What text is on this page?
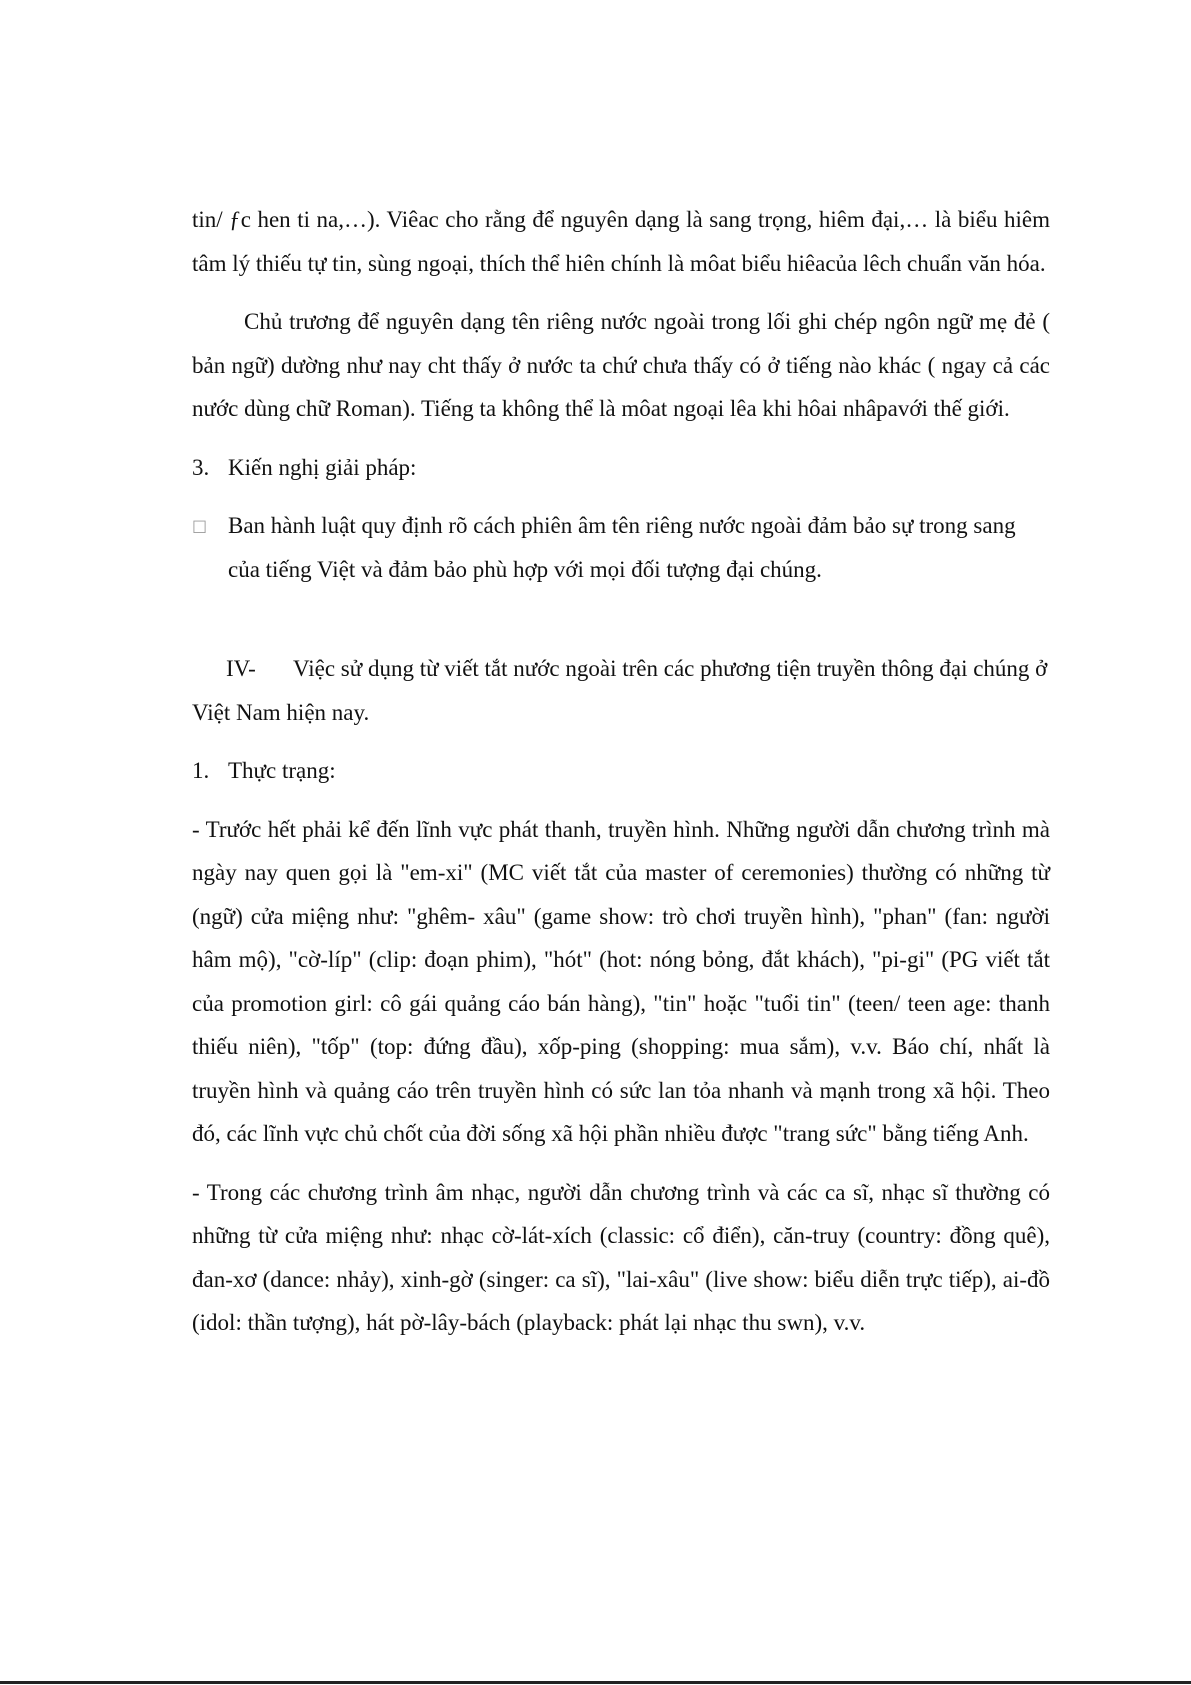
tin/ ƒc hen ti na,…). Viêac cho rằng để nguyên dạng là sang trọng, hiêm đại,… là biểu hiêm tâm lý thiếu tự tin, sùng ngoại, thích thể hiên chính là môat biểu hiêacủa lêch chuẩn văn hóa.

Chủ trương để nguyên dạng tên riêng nước ngoài trong lối ghi chép ngôn ngữ mẹ đẻ ( bản ngữ) dường như nay cht thấy ở nước ta chứ chưa thấy có ở tiếng nào khác ( ngay cả các nước dùng chữ Roman). Tiếng ta không thể là môat ngoại lêa khi hôai nhâpavới thế giới.

3. Kiến nghị giải pháp:
□ Ban hành luật quy định rõ cách phiên âm tên riêng nước ngoài đảm bảo sự trong sang của tiếng Việt và đảm bảo phù hợp với mọi đối tượng đại chúng.
IV- Việc sử dụng từ viết tắt nước ngoài trên các phương tiện truyền thông đại chúng ở Việt Nam hiện nay.
1. Thực trạng:

- Trước hết phải kể đến lĩnh vực phát thanh, truyền hình. Những người dẫn chương trình mà ngày nay quen gọi là "em-xi" (MC viết tắt của master of ceremonies) thường có những từ (ngữ) cửa miệng như: "ghêm- xâu" (game show: trò chơi truyền hình), "phan" (fan: người hâm mộ), "cờ-líp" (clip: đoạn phim), "hót" (hot: nóng bỏng, đắt khách), "pi-gi" (PG viết tắt của promotion girl: cô gái quảng cáo bán hàng), "tin" hoặc "tuổi tin" (teen/ teen age: thanh thiếu niên), "tốp" (top: đứng đầu), xốp-ping (shopping: mua sắm), v.v. Báo chí, nhất là truyền hình và quảng cáo trên truyền hình có sức lan tỏa nhanh và mạnh trong xã hội. Theo đó, các lĩnh vực chủ chốt của đời sống xã hội phần nhiều được "trang sức" bằng tiếng Anh.

- Trong các chương trình âm nhạc, người dẫn chương trình và các ca sĩ, nhạc sĩ thường có những từ cửa miệng như: nhạc cờ-lát-xích (classic: cổ điển), căn-truy (country: đồng quê), đan-xơ (dance: nhảy), xinh-gờ (singer: ca sĩ), "lai-xâu" (live show: biểu diễn trực tiếp), ai-đồ (idol: thần tượng), hát pờ-lây-bách (playback: phát lại nhạc thu swn), v.v.
